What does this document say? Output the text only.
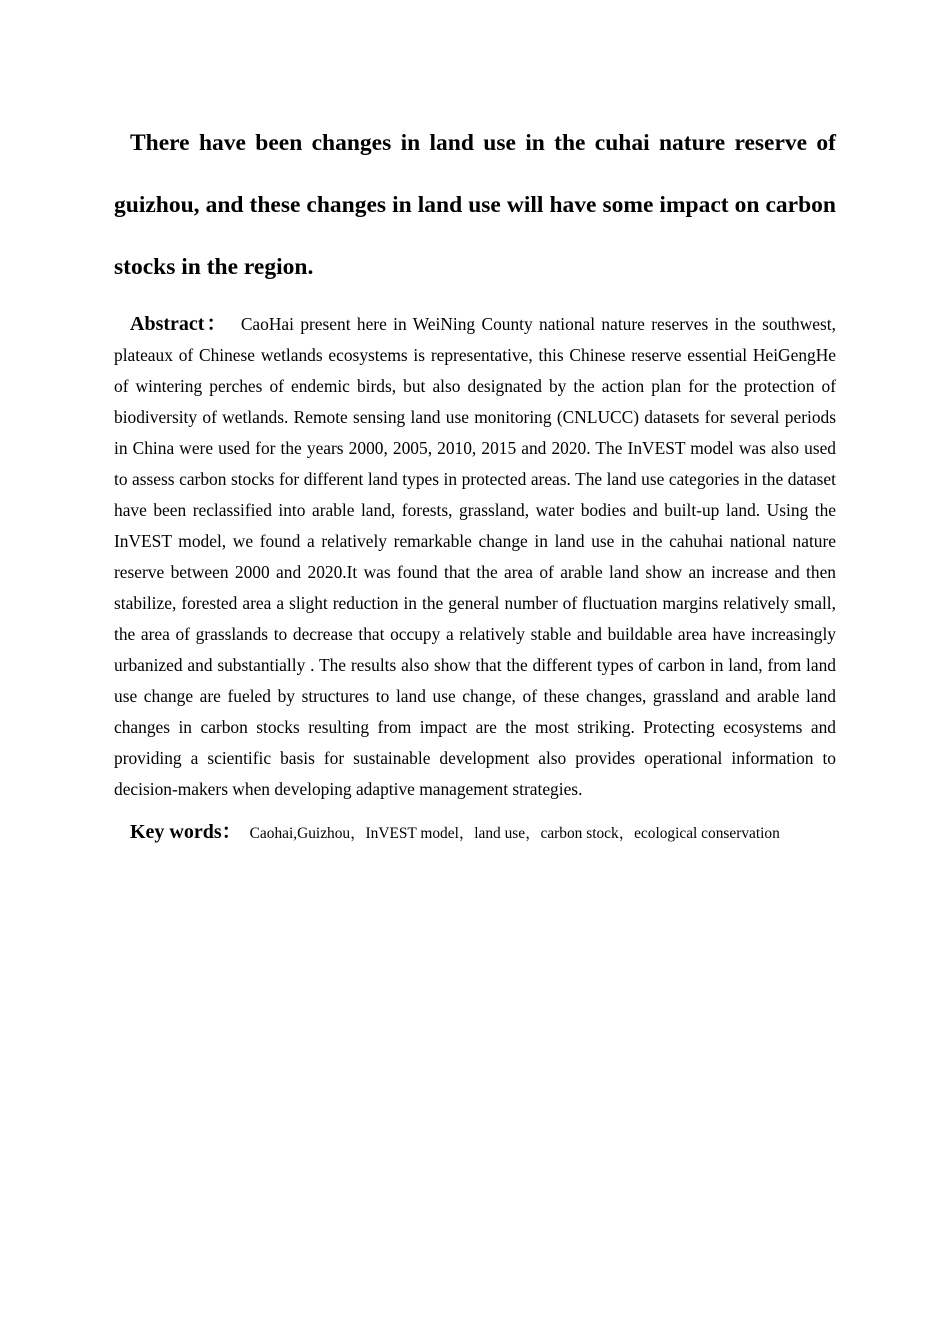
There have been changes in land use in the cuhai nature reserve of guizhou, and these changes in land use will have some impact on carbon stocks in the region.

Abstract： CaoHai present here in WeiNing County national nature reserves in the southwest, plateaux of Chinese wetlands ecosystems is representative, this Chinese reserve essential HeiGengHe of wintering perches of endemic birds, but also designated by the action plan for the protection of biodiversity of wetlands. Remote sensing land use monitoring (CNLUCC) datasets for several periods in China were used for the years 2000, 2005, 2010, 2015 and 2020. The InVEST model was also used to assess carbon stocks for different land types in protected areas. The land use categories in the dataset have been reclassified into arable land, forests, grassland, water bodies and built-up land. Using the InVEST model, we found a relatively remarkable change in land use in the cahuhai national nature reserve between 2000 and 2020.It was found that the area of arable land show an increase and then stabilize, forested area a slight reduction in the general number of fluctuation margins relatively small, the area of grasslands to decrease that occupy a relatively stable and buildable area have increasingly urbanized and substantially . The results also show that the different types of carbon in land, from land use change are fueled by structures to land use change, of these changes, grassland and arable land changes in carbon stocks resulting from impact are the most striking. Protecting ecosystems and providing a scientific basis for sustainable development also provides operational information to decision-makers when developing adaptive management strategies.

Key words： Caohai,Guizhou，InVEST model，land use，carbon stock，ecological conservation
